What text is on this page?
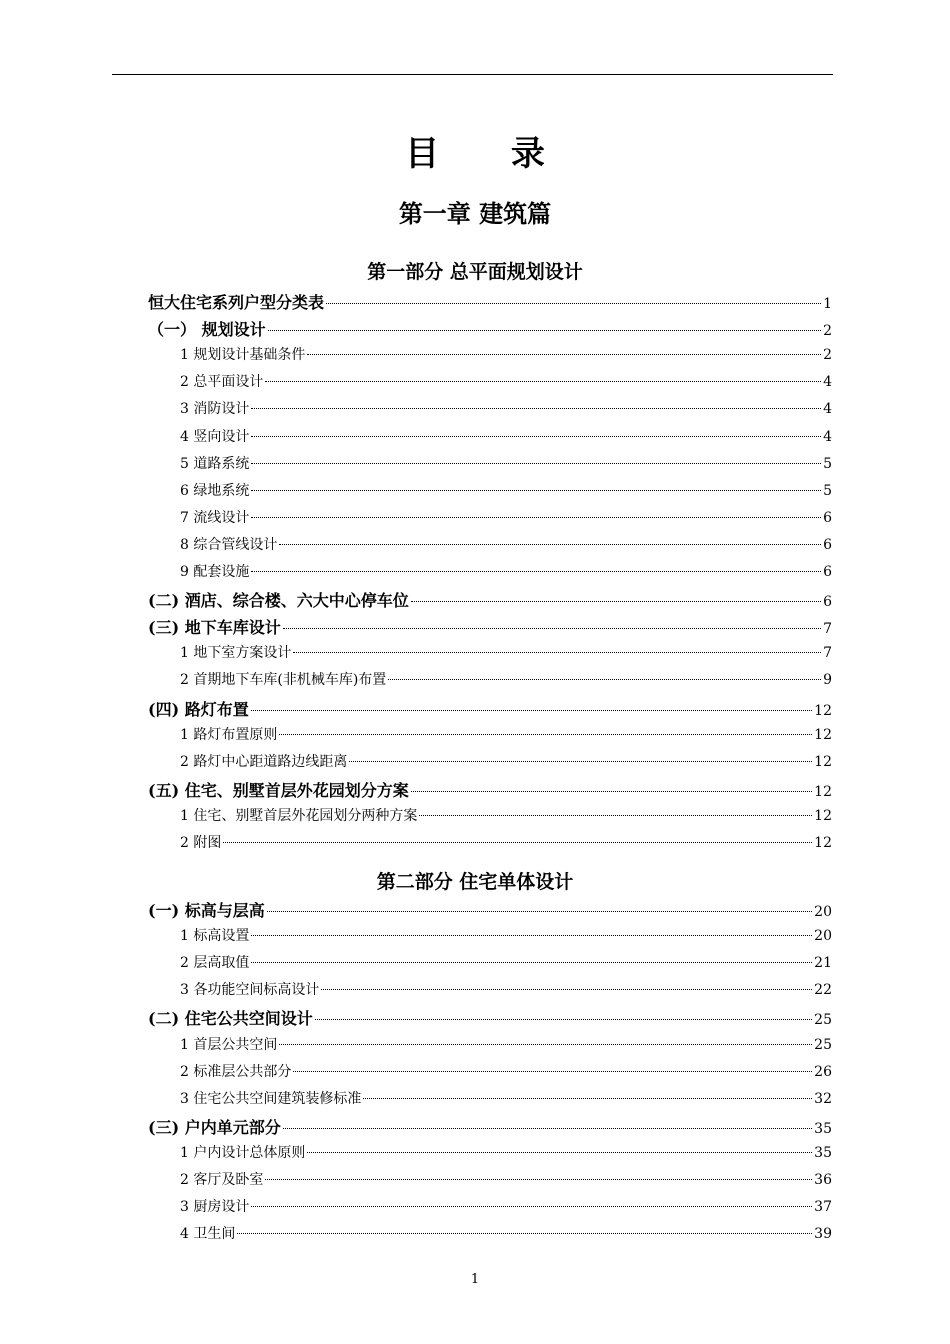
目 录
第一章 建筑篇
第一部分 总平面规划设计
恒大住宅系列户型分类表	1
（一） 规划设计	2
1 规划设计基础条件	2
2 总平面设计	4
3 消防设计	4
4 竖向设计	4
5 道路系统	5
6 绿地系统	5
7 流线设计	6
8 综合管线设计	6
9 配套设施	6
(二) 酒店、综合楼、六大中心停车位	6
(三) 地下车库设计	7
1 地下室方案设计	7
2 首期地下车库(非机械车库)布置	9
(四) 路灯布置	12
1 路灯布置原则	12
2 路灯中心距道路边线距离	12
(五) 住宅、别墅首层外花园划分方案	12
1 住宅、别墅首层外花园划分两种方案	12
2 附图	12
第二部分 住宅单体设计
(一) 标高与层高	20
1 标高设置	20
2 层高取值	21
3 各功能空间标高设计	22
(二) 住宅公共空间设计	25
1 首层公共空间	25
2 标准层公共部分	26
3 住宅公共空间建筑装修标准	32
(三) 户内单元部分	35
1 户内设计总体原则	35
2 客厅及卧室	36
3 厨房设计	37
4 卫生间	39
1
